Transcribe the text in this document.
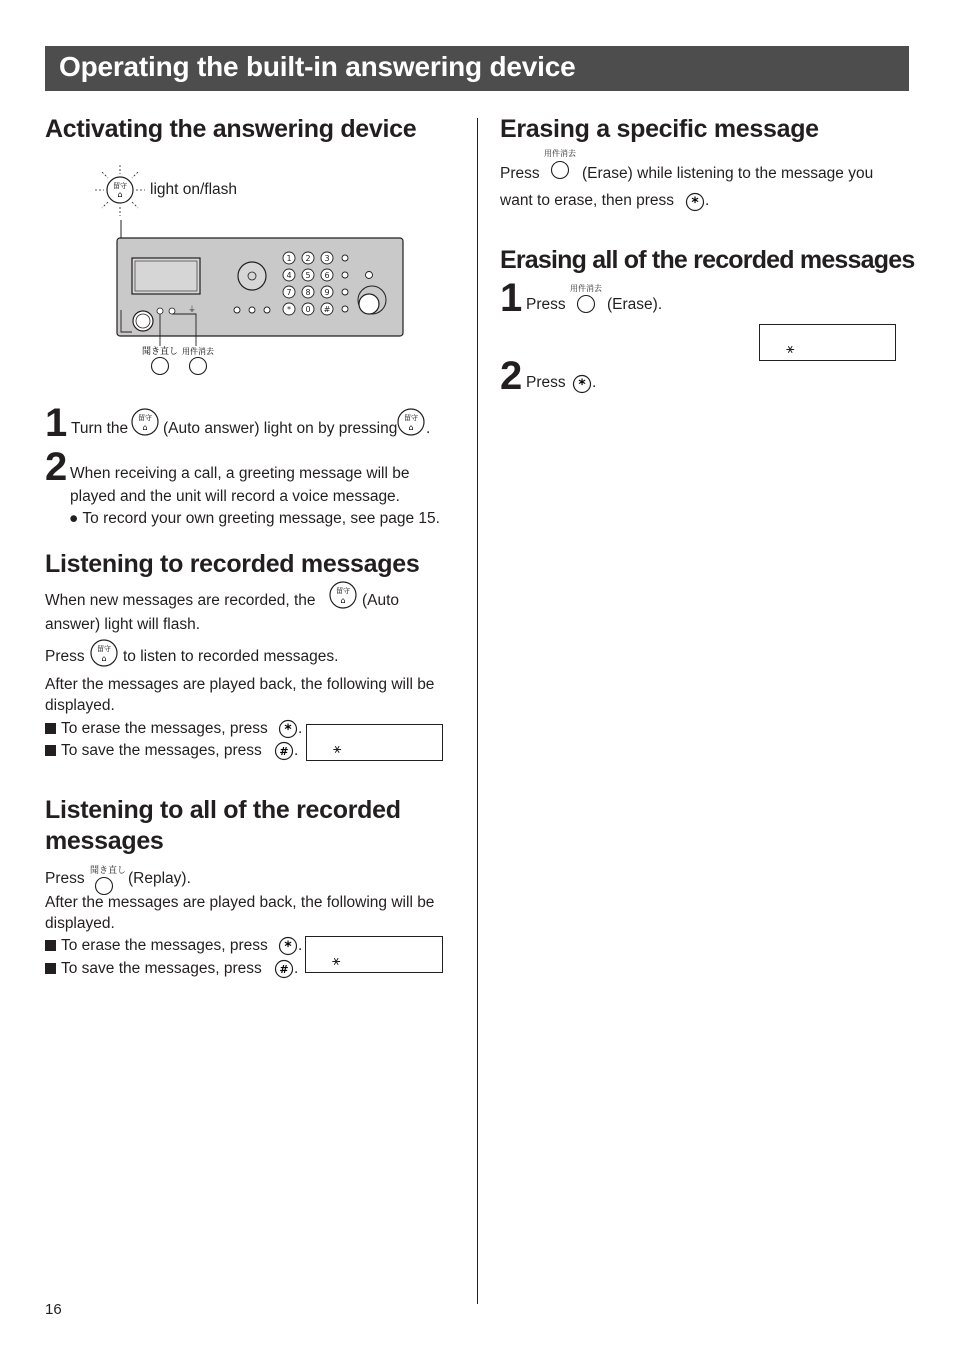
Operating the built-in answering device
Activating the answering device
留守
⌂
1 2 3
4 5 6
7 8 9
* 0 #
⏚
聞き直し 用件消去
light on/flash
1 Turn the
留守
⌂ (Auto answer) light on by pressing
留守
⌂ .
2 When receiving a call, a greeting message will be
played and the unit will record a voice message.
● To record your own greeting message, see page 15.
Listening to recorded messages
When new messages are recorded, the
留守
⌂ (Auto
answer) light will flash.
Press 留守
⌂ to listen to recorded messages.
After the messages are played back, the following will be
displayed.
To erase the messages, press * .
To save the messages, press # . ⚹
Listening to all of the recorded
messages
Press 聞き直し (Replay).
After the messages are played back, the following will be
displayed.
To erase the messages, press * .
To save the messages, press # . ⚹
Erasing a specific message
Press
用件消去
(Erase) while listening to the message you
want to erase, then press * .
Erasing all of the recorded messages
1 Press
用件消去
(Erase).
⚹
2 Press * .
16
